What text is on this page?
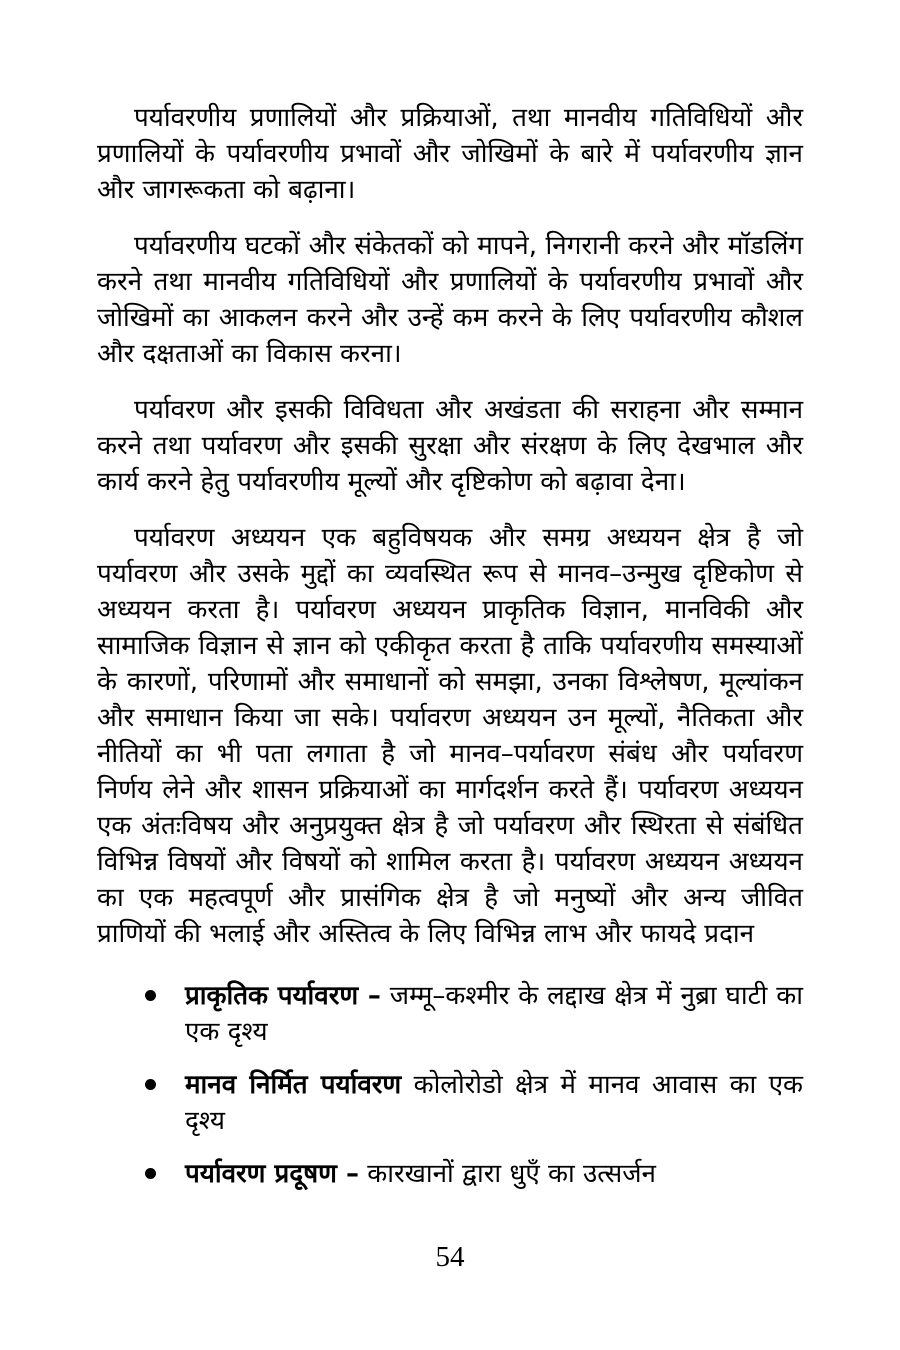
पर्यावरणीय प्रणालियों और प्रक्रियाओं, तथा मानवीय गतिविधियों और प्रणालियों के पर्यावरणीय प्रभावों और जोखिमों के बारे में पर्यावरणीय ज्ञान और जागरूकता को बढ़ाना।

पर्यावरणीय घटकों और संकेतकों को मापने, निगरानी करने और मॉडलिंग करने तथा मानवीय गतिविधियों और प्रणालियों के पर्यावरणीय प्रभावों और जोखिमों का आकलन करने और उन्हें कम करने के लिए पर्यावरणीय कौशल और दक्षताओं का विकास करना।

पर्यावरण और इसकी विविधता और अखंडता की सराहना और सम्मान करने तथा पर्यावरण और इसकी सुरक्षा और संरक्षण के लिए देखभाल और कार्य करने हेतु पर्यावरणीय मूल्यों और दृष्टिकोण को बढ़ावा देना।

पर्यावरण अध्ययन एक बहुविषयक और समग्र अध्ययन क्षेत्र है जो पर्यावरण और उसके मुद्दों का व्यवस्थित रूप से मानव–उन्मुख दृष्टिकोण से अध्ययन करता है। पर्यावरण अध्ययन प्राकृतिक विज्ञान, मानविकी और सामाजिक विज्ञान से ज्ञान को एकीकृत करता है ताकि पर्यावरणीय समस्याओं के कारणों, परिणामों और समाधानों को समझा, उनका विश्लेषण, मूल्यांकन और समाधान किया जा सके। पर्यावरण अध्ययन उन मूल्यों, नैतिकता और नीतियों का भी पता लगाता है जो मानव–पर्यावरण संबंध और पर्यावरण निर्णय लेने और शासन प्रक्रियाओं का मार्गदर्शन करते हैं। पर्यावरण अध्ययन एक अंतःविषय और अनुप्रयुक्त क्षेत्र है जो पर्यावरण और स्थिरता से संबंधित विभिन्न विषयों और विषयों को शामिल करता है। पर्यावरण अध्ययन अध्ययन का एक महत्वपूर्ण और प्रासंगिक क्षेत्र है जो मनुष्यों और अन्य जीवित प्राणियों की भलाई और अस्तित्व के लिए विभिन्न लाभ और फायदे प्रदान

प्राकृतिक पर्यावरण – जम्मू–कश्मीर के लद्दाख क्षेत्र में नुब्रा घाटी का एक दृश्य
मानव निर्मित पर्यावरण कोलोरोडो क्षेत्र में मानव आवास का एक दृश्य
पर्यावरण प्रदूषण – कारखानों द्वारा धुएँ का उत्सर्जन
54
